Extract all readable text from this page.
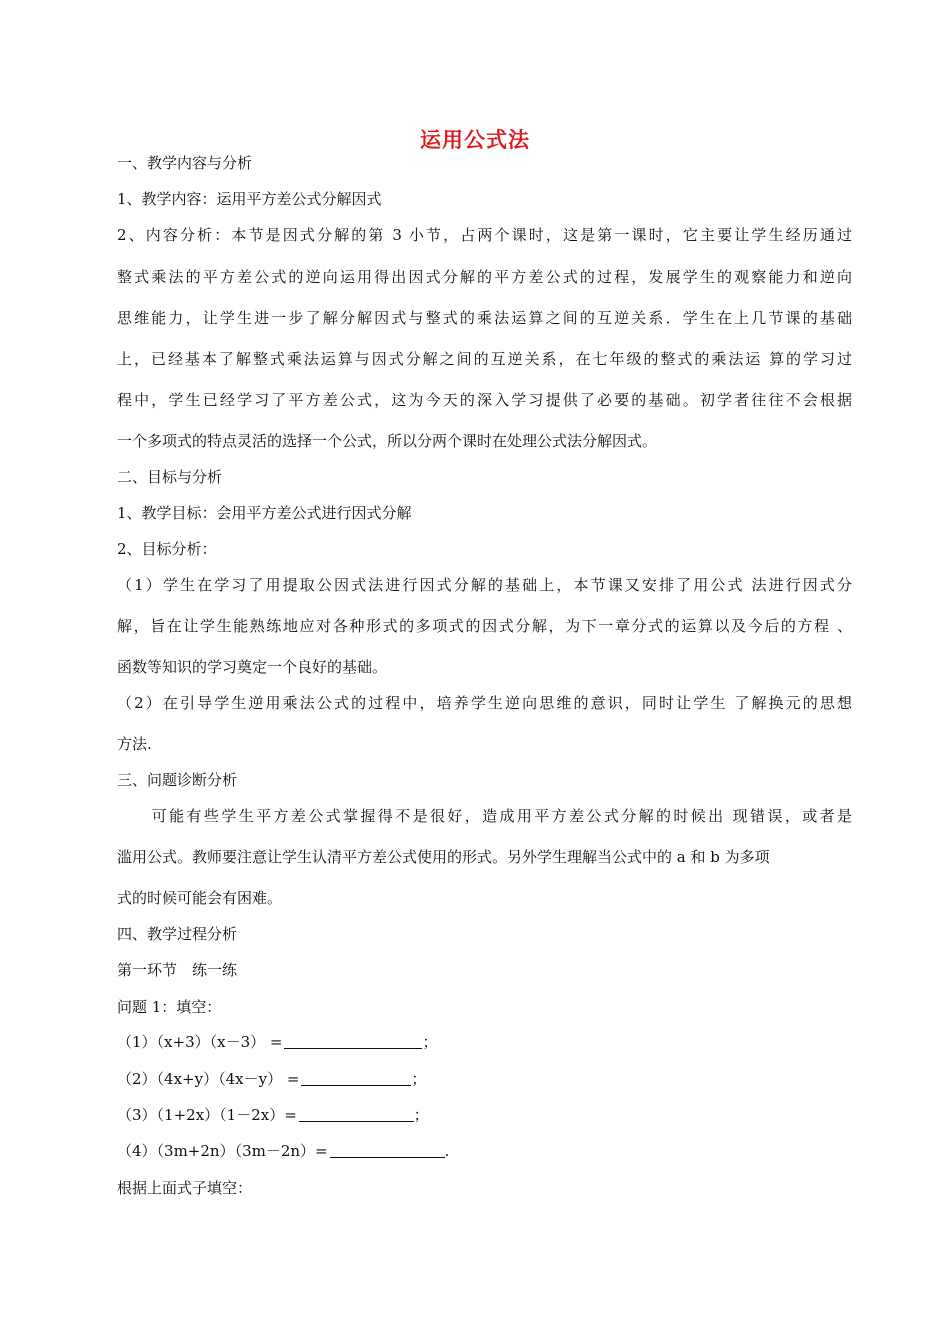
运用公式法
一、教学内容与分析
1、教学内容：运用平方差公式分解因式
2、内容分析：本节是因式分解的第 3 小节，占两个课时，这是第一课时，它主要让学生经历通过
整式乘法的平方差公式的逆向运用得出因式分解的平方差公式的过程，发展学生的观察能力和逆向
思维能力，让学生进一步了解分解因式与整式的乘法运算之间的互逆关系．学生在上几节课的基础
上，已经基本了解整式乘法运算与因式分解之间的互逆关系，在七年级的整式的乘法运 算的学习过
程中，学生已经学习了平方差公式，这为今天的深入学习提供了必要的基础。初学者往往不会根据
一个多项式的特点灵活的选择一个公式，所以分两个课时在处理公式法分解因式。
二、目标与分析
1、教学目标：会用平方差公式进行因式分解
2、目标分析：
（1）学生在学习了用提取公因式法进行因式分解的基础上，本节课又安排了用公式 法进行因式分
解，旨在让学生能熟练地应对各种形式的多项式的因式分解，为下一章分式的运算以及今后的方程 、
函数等知识的学习奠定一个良好的基础。
（2）在引导学生逆用乘法公式的过程中，培养学生逆向思维的意识，同时让学生 了解换元的思想
方法.
三、问题诊断分析
　　可能有些学生平方差公式掌握得不是很好，造成用平方差公式分解的时候出 现错误，或者是
滥用公式。教师要注意让学生认清平方差公式使用的形式。另外学生理解当公式中的 a 和 b 为多项
式的时候可能会有困难。
四、教学过程分析
第一环节　练一练
问题 1：填空：
（1）（x+3）（x－3） =	；
（2）（4x+y）（4x－y） =	；
（3）（1+2x）（1－2x）=	；
（4）（3m+2n）（3m－2n）=	.
根据上面式子填空：
